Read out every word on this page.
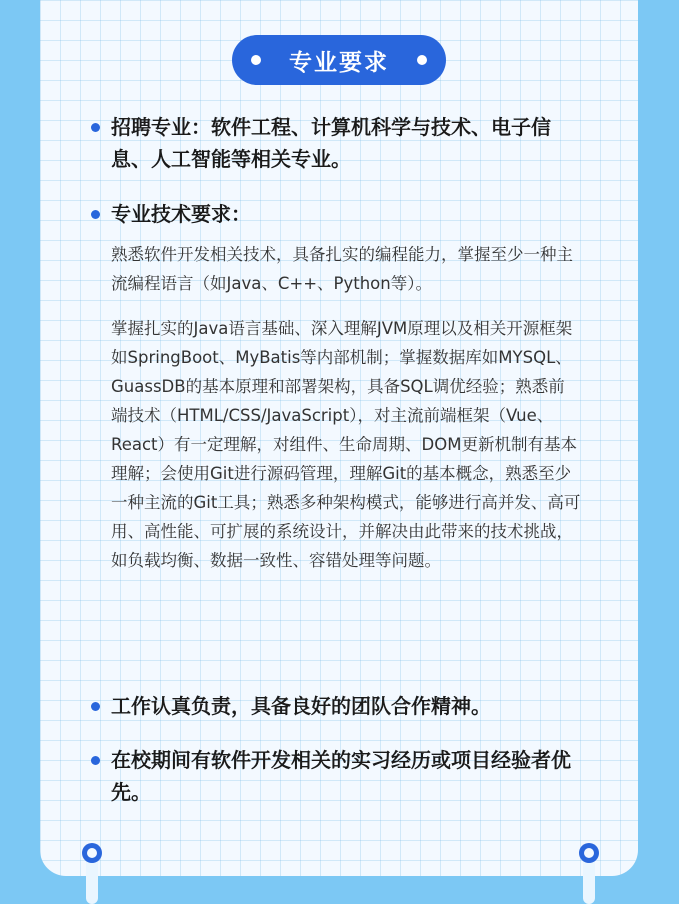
专业要求
招聘专业：软件工程、计算机科学与技术、电子信息、人工智能等相关专业。
专业技术要求：
熟悉软件开发相关技术，具备扎实的编程能力，掌握至少一种主流编程语言（如Java、C++、Python等）。
掌握扎实的Java语言基础、深入理解JVM原理以及相关开源框架如SpringBoot、MyBatis等内部机制；掌握数据库如MYSQL、GuassDB的基本原理和部署架构，具备SQL调优经验；熟悉前端技术（HTML/CSS/JavaScript），对主流前端框架（Vue、React）有一定理解，对组件、生命周期、DOM更新机制有基本理解；会使用Git进行源码管理，理解Git的基本概念，熟悉至少一种主流的Git工具；熟悉多种架构模式，能够进行高并发、高可用、高性能、可扩展的系统设计，并解决由此带来的技术挑战，如负载均衡、数据一致性、容错处理等问题。
工作认真负责，具备良好的团队合作精神。
在校期间有软件开发相关的实习经历或项目经验者优先。
